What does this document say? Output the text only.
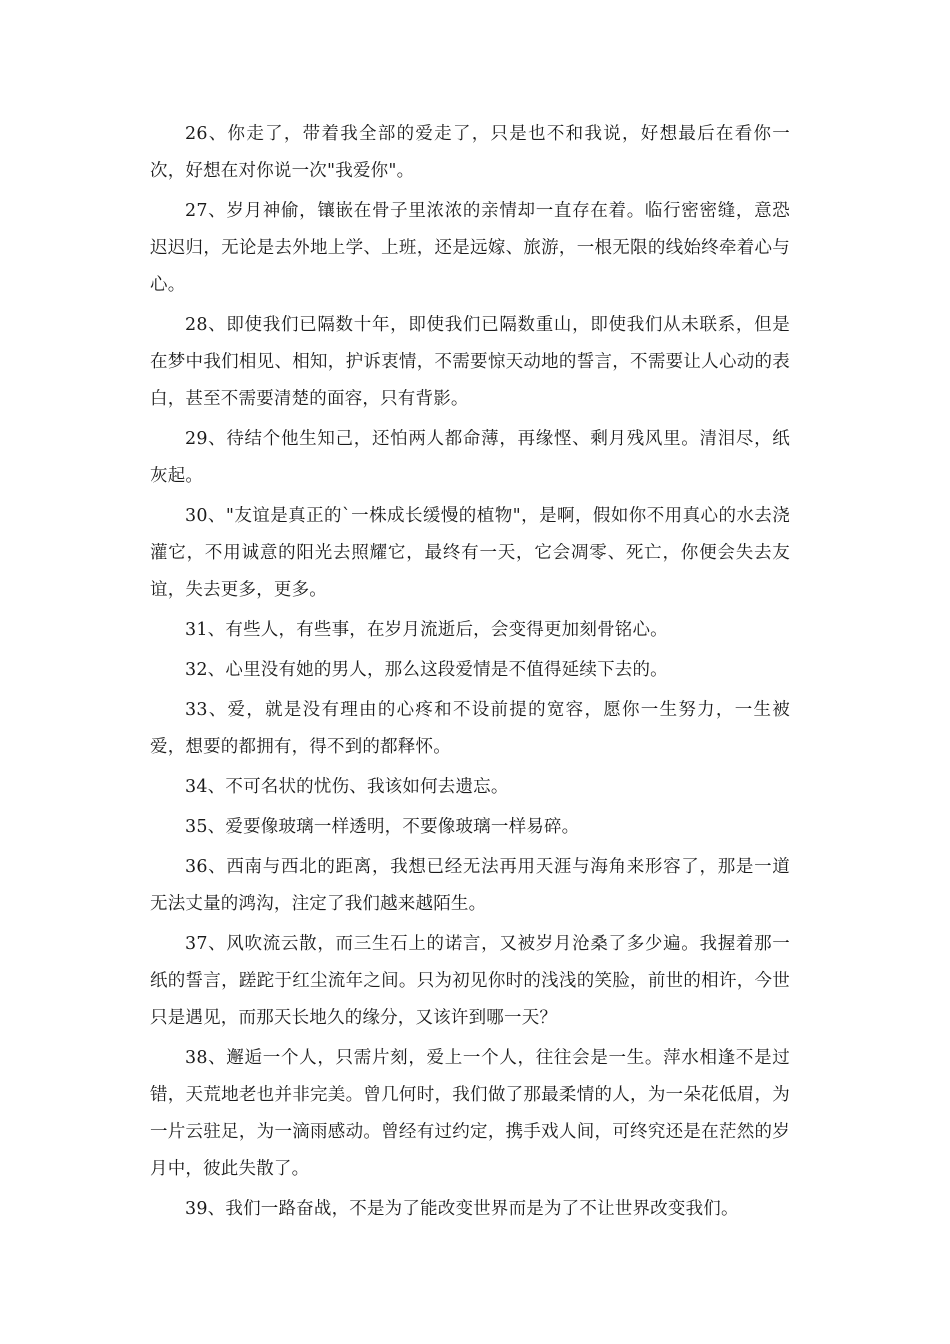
26、你走了，带着我全部的爱走了，只是也不和我说，好想最后在看你一次，好想在对你说一次"我爱你"。

27、岁月神偷，镶嵌在骨子里浓浓的亲情却一直存在着。临行密密缝，意恐迟迟归，无论是去外地上学、上班，还是远嫁、旅游，一根无限的线始终牵着心与心。

28、即使我们已隔数十年，即使我们已隔数重山，即使我们从未联系，但是在梦中我们相见、相知，护诉衷情，不需要惊天动地的誓言，不需要让人心动的表白，甚至不需要清楚的面容，只有背影。

29、待结个他生知己，还怕两人都命薄，再缘悭、剩月残风里。清泪尽，纸灰起。

30、"友谊是真正的`一株成长缓慢的植物"，是啊，假如你不用真心的水去浇灌它，不用诚意的阳光去照耀它，最终有一天，它会凋零、死亡，你便会失去友谊，失去更多，更多。

31、有些人，有些事，在岁月流逝后，会变得更加刻骨铭心。

32、心里没有她的男人，那么这段爱情是不值得延续下去的。

33、爱，就是没有理由的心疼和不设前提的宽容，愿你一生努力，一生被爱，想要的都拥有，得不到的都释怀。

34、不可名状的忧伤、我该如何去遗忘。

35、爱要像玻璃一样透明，不要像玻璃一样易碎。

36、西南与西北的距离，我想已经无法再用天涯与海角来形容了，那是一道无法丈量的鸿沟，注定了我们越来越陌生。

37、风吹流云散，而三生石上的诺言，又被岁月沧桑了多少遍。我握着那一纸的誓言，蹉跎于红尘流年之间。只为初见你时的浅浅的笑脸，前世的相许，今世只是遇见，而那天长地久的缘分，又该许到哪一天？

38、邂逅一个人，只需片刻，爱上一个人，往往会是一生。萍水相逢不是过错，天荒地老也并非完美。曾几何时，我们做了那最柔情的人，为一朵花低眉，为一片云驻足，为一滴雨感动。曾经有过约定，携手戏人间，可终究还是在茫然的岁月中，彼此失散了。

39、我们一路奋战，不是为了能改变世界而是为了不让世界改变我们。
